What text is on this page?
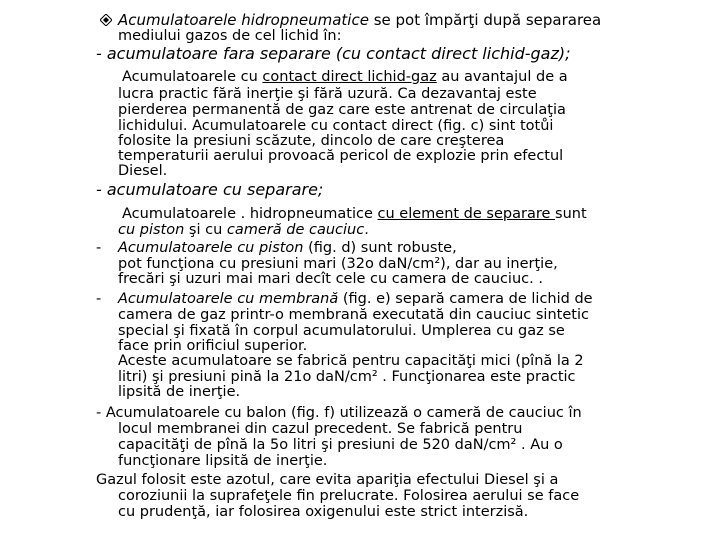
Acumulatoarele hidropneumatice se pot împărţi după separarea
mediului gazos de cel lichid în:
- acumulatoare fara separare (cu contact direct lichid-gaz);
Acumulatoarele cu contact direct lichid-gaz au avantajul de a
lucra practic fără inerţie şi fără uzură. Ca dezavantaj este
pierderea permanentă de gaz care este antrenat de circulaţia
lichidului. Acumulatoarele cu contact direct (fig. c) sint totůi
folosite la presiuni scăzute, dincolo de care creşterea
temperaturii aerului provoacă pericol de explozie prin efectul
Diesel.
- acumulatoare cu separare;
Acumulatoarele . hidropneumatice cu element de separare sunt
cu piston şi cu cameră de cauciuc.
- Acumulatoarele cu piston (fig. d) sunt robuste,
pot funcţiona cu presiuni mari (32o daN/cm²), dar au inerţie,
frecări şi uzuri mai mari decît cele cu camera de cauciuc. .
- Acumulatoarele cu membrană (fig. e) separă camera de lichid de
camera de gaz printr-o membrană executată din cauciuc sintetic
special şi fixată în corpul acumulatorului. Umplerea cu gaz se
face prin orificiul superior.
Aceste acumulatoare se fabrică pentru capacităţi mici (pînă la 2
litri) şi presiuni pină la 21o daN/cm² . Funcţionarea este practic
lipsită de inerţie.
- Acumulatoarele cu balon (fig. f) utilizează o cameră de cauciuc în
locul membranei din cazul precedent. Se fabrică pentru
capacităţi de pînă la 5o litri şi presiuni de 520 daN/cm² . Au o
funcţionare lipsită de inerţie.
Gazul folosit este azotul, care evita apariţia efectului Diesel şi a
coroziunii la suprafeţele fin prelucrate. Folosirea aerului se face
cu prudenţă, iar folosirea oxigenului este strict interzisă.
